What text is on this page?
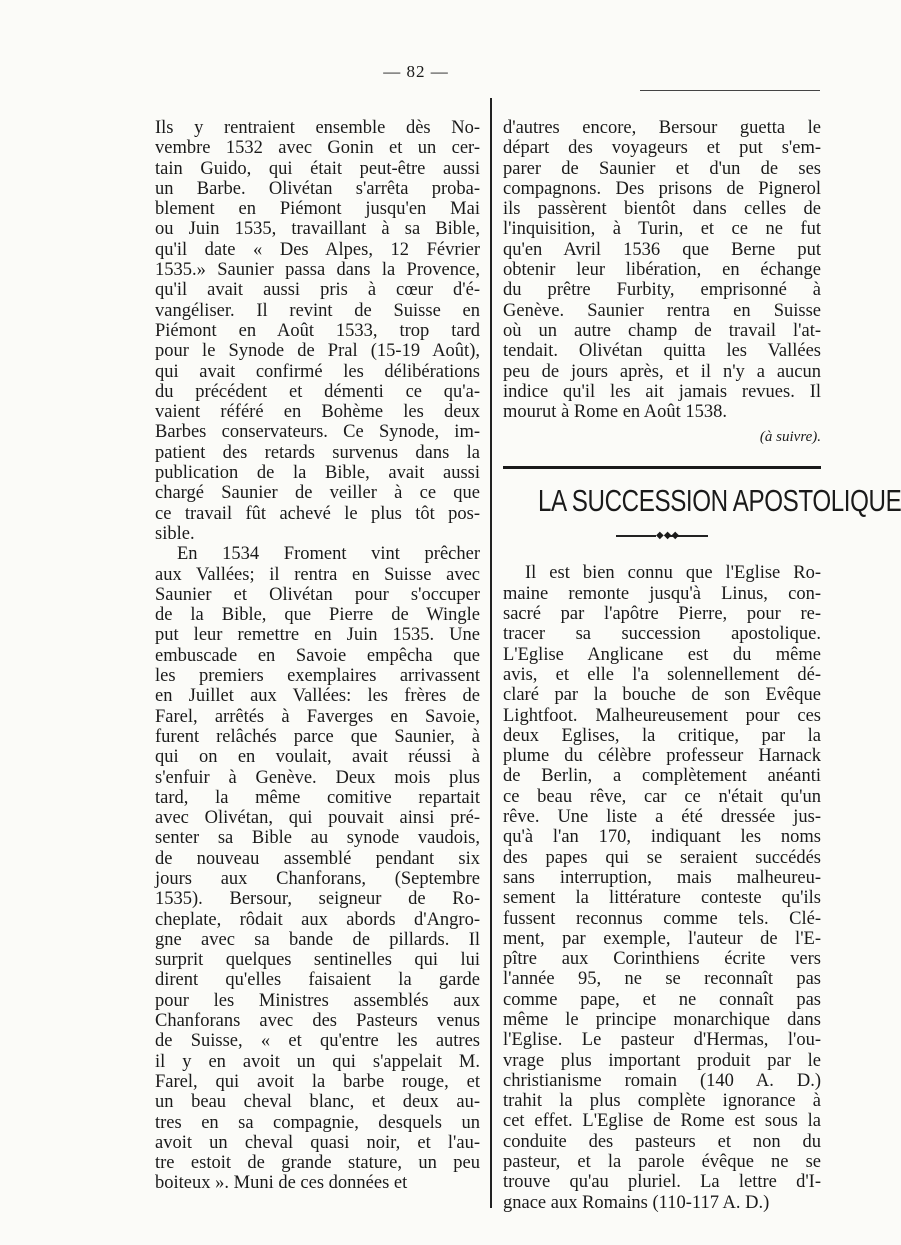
— 82 —
Ils y rentraient ensemble dès No-
vembre 1532 avec Gonin et un cer-
tain Guido, qui était peut-être aussi
un Barbe. Olivétan s'arrêta proba-
blement en Piémont jusqu'en Mai
ou Juin 1535, travaillant à sa Bible,
qu'il date « Des Alpes, 12 Février
1535.» Saunier passa dans la Provence,
qu'il avait aussi pris à cœur d'é-
vangéliser. Il revint de Suisse en
Piémont en Août 1533, trop tard
pour le Synode de Pral (15-19 Août),
qui avait confirmé les délibérations
du précédent et démenti ce qu'a-
vaient référé en Bohème les deux
Barbes conservateurs. Ce Synode, im-
patient des retards survenus dans la
publication de la Bible, avait aussi
chargé Saunier de veiller à ce que
ce travail fût achevé le plus tôt pos-
sible.
En 1534 Froment vint prêcher
aux Vallées; il rentra en Suisse avec
Saunier et Olivétan pour s'occuper
de la Bible, que Pierre de Wingle
put leur remettre en Juin 1535. Une
embuscade en Savoie empêcha que
les premiers exemplaires arrivassent
en Juillet aux Vallées: les frères de
Farel, arrêtés à Faverges en Savoie,
furent relâchés parce que Saunier, à
qui on en voulait, avait réussi à
s'enfuir à Genève. Deux mois plus
tard, la même comitive repartait
avec Olivétan, qui pouvait ainsi pré-
senter sa Bible au synode vaudois,
de nouveau assemblé pendant six
jours aux Chanforans, (Septembre
1535). Bersour, seigneur de Ro-
cheplate, rôdait aux abords d'Angro-
gne avec sa bande de pillards. Il
surprit quelques sentinelles qui lui
dirent qu'elles faisaient la garde
pour les Ministres assemblés aux
Chanforans avec des Pasteurs venus
de Suisse, « et qu'entre les autres
il y en avoit un qui s'appelait M.
Farel, qui avoit la barbe rouge, et
un beau cheval blanc, et deux au-
tres en sa compagnie, desquels un
avoit un cheval quasi noir, et l'au-
tre estoit de grande stature, un peu
boiteux ». Muni de ces données et
d'autres encore, Bersour guetta le
départ des voyageurs et put s'em-
parer de Saunier et d'un de ses
compagnons. Des prisons de Pignerol
ils passèrent bientôt dans celles de
l'inquisition, à Turin, et ce ne fut
qu'en Avril 1536 que Berne put
obtenir leur libération, en échange
du prêtre Furbity, emprisonné à
Genève. Saunier rentra en Suisse
où un autre champ de travail l'at-
tendait. Olivétan quitta les Vallées
peu de jours après, et il n'y a aucun
indice qu'il les ait jamais revues. Il
mourut à Rome en Août 1538.
(à suivre).
LA SUCCESSION APOSTOLIQUE
◆◆◆
Il est bien connu que l'Eglise Ro-
maine remonte jusqu'à Linus, con-
sacré par l'apôtre Pierre, pour re-
tracer sa succession apostolique.
L'Eglise Anglicane est du même
avis, et elle l'a solennellement dé-
claré par la bouche de son Evêque
Lightfoot. Malheureusement pour ces
deux Eglises, la critique, par la
plume du célèbre professeur Harnack
de Berlin, a complètement anéanti
ce beau rêve, car ce n'était qu'un
rêve. Une liste a été dressée jus-
qu'à l'an 170, indiquant les noms
des papes qui se seraient succédés
sans interruption, mais malheureu-
sement la littérature conteste qu'ils
fussent reconnus comme tels. Clé-
ment, par exemple, l'auteur de l'E-
pître aux Corinthiens écrite vers
l'année 95, ne se reconnaît pas
comme pape, et ne connaît pas
même le principe monarchique dans
l'Eglise. Le pasteur d'Hermas, l'ou-
vrage plus important produit par le
christianisme romain (140 A. D.)
trahit la plus complète ignorance à
cet effet. L'Eglise de Rome est sous la
conduite des pasteurs et non du
pasteur, et la parole évêque ne se
trouve qu'au pluriel. La lettre d'I-
gnace aux Romains (110-117 A. D.)
